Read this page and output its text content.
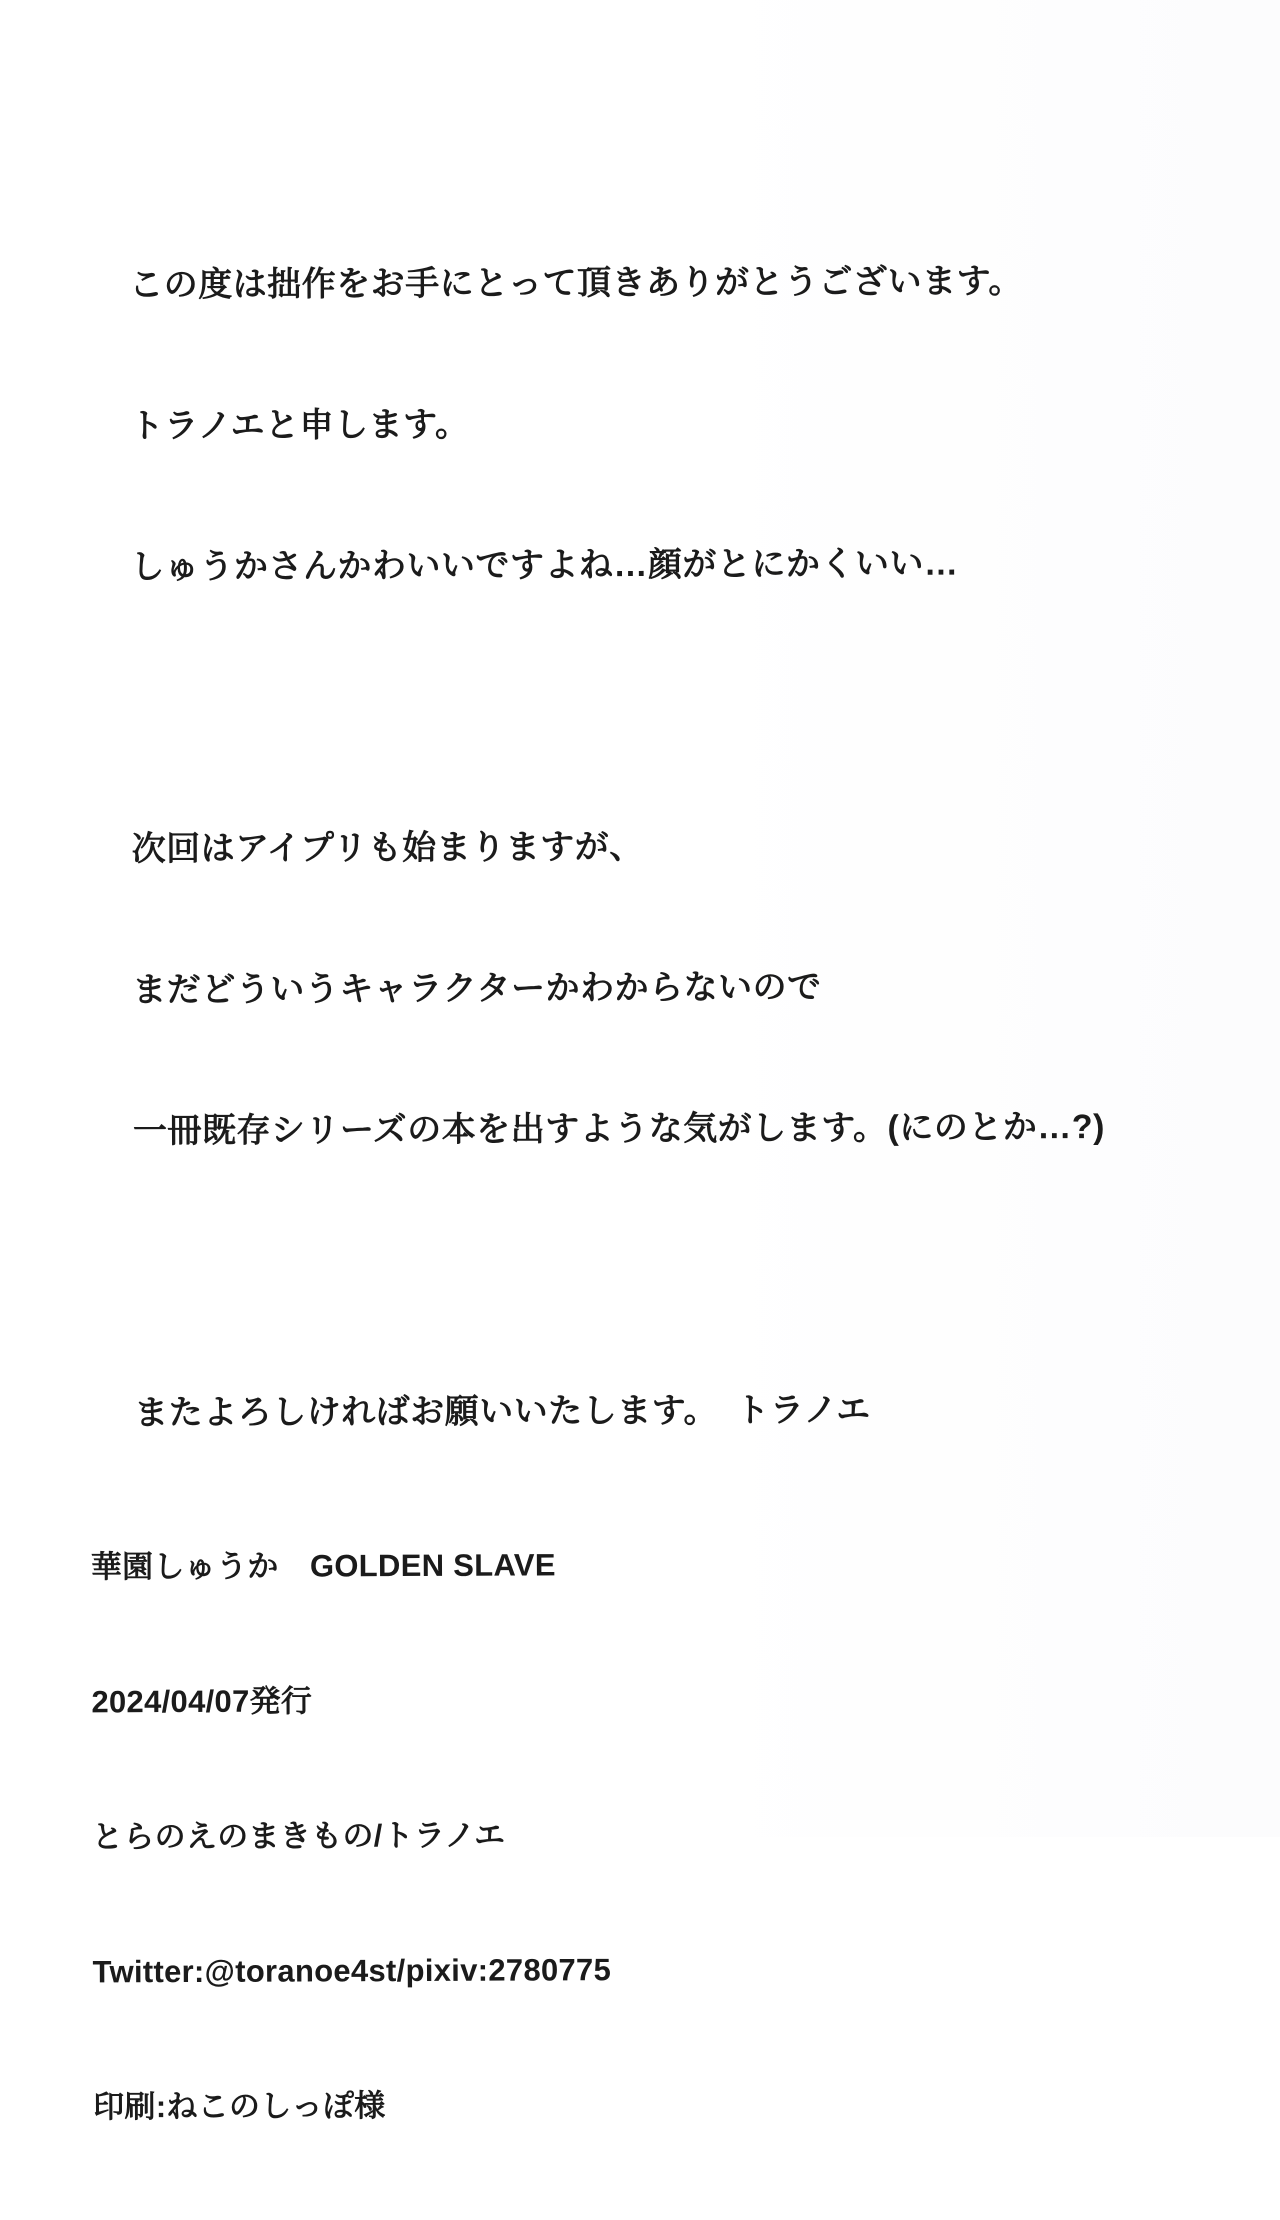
この度は拙作をお手にとって頂きありがとうございます。

トラノエと申します。

しゅうかさんかわいいですよね…顔がとにかくいい…

次回はアイプリも始まりますが、

まだどういうキャラクターかわからないので

一冊既存シリーズの本を出すような気がします。(にのとか…?)

またよろしければお願いいたします。　トラノエ

華園しゅうか　GOLDEN SLAVE

2024/04/07発行

とらのえのまきもの/トラノエ

Twitter:@toranoe4st/pixiv:2780775

印刷:ねこのしっぽ様
